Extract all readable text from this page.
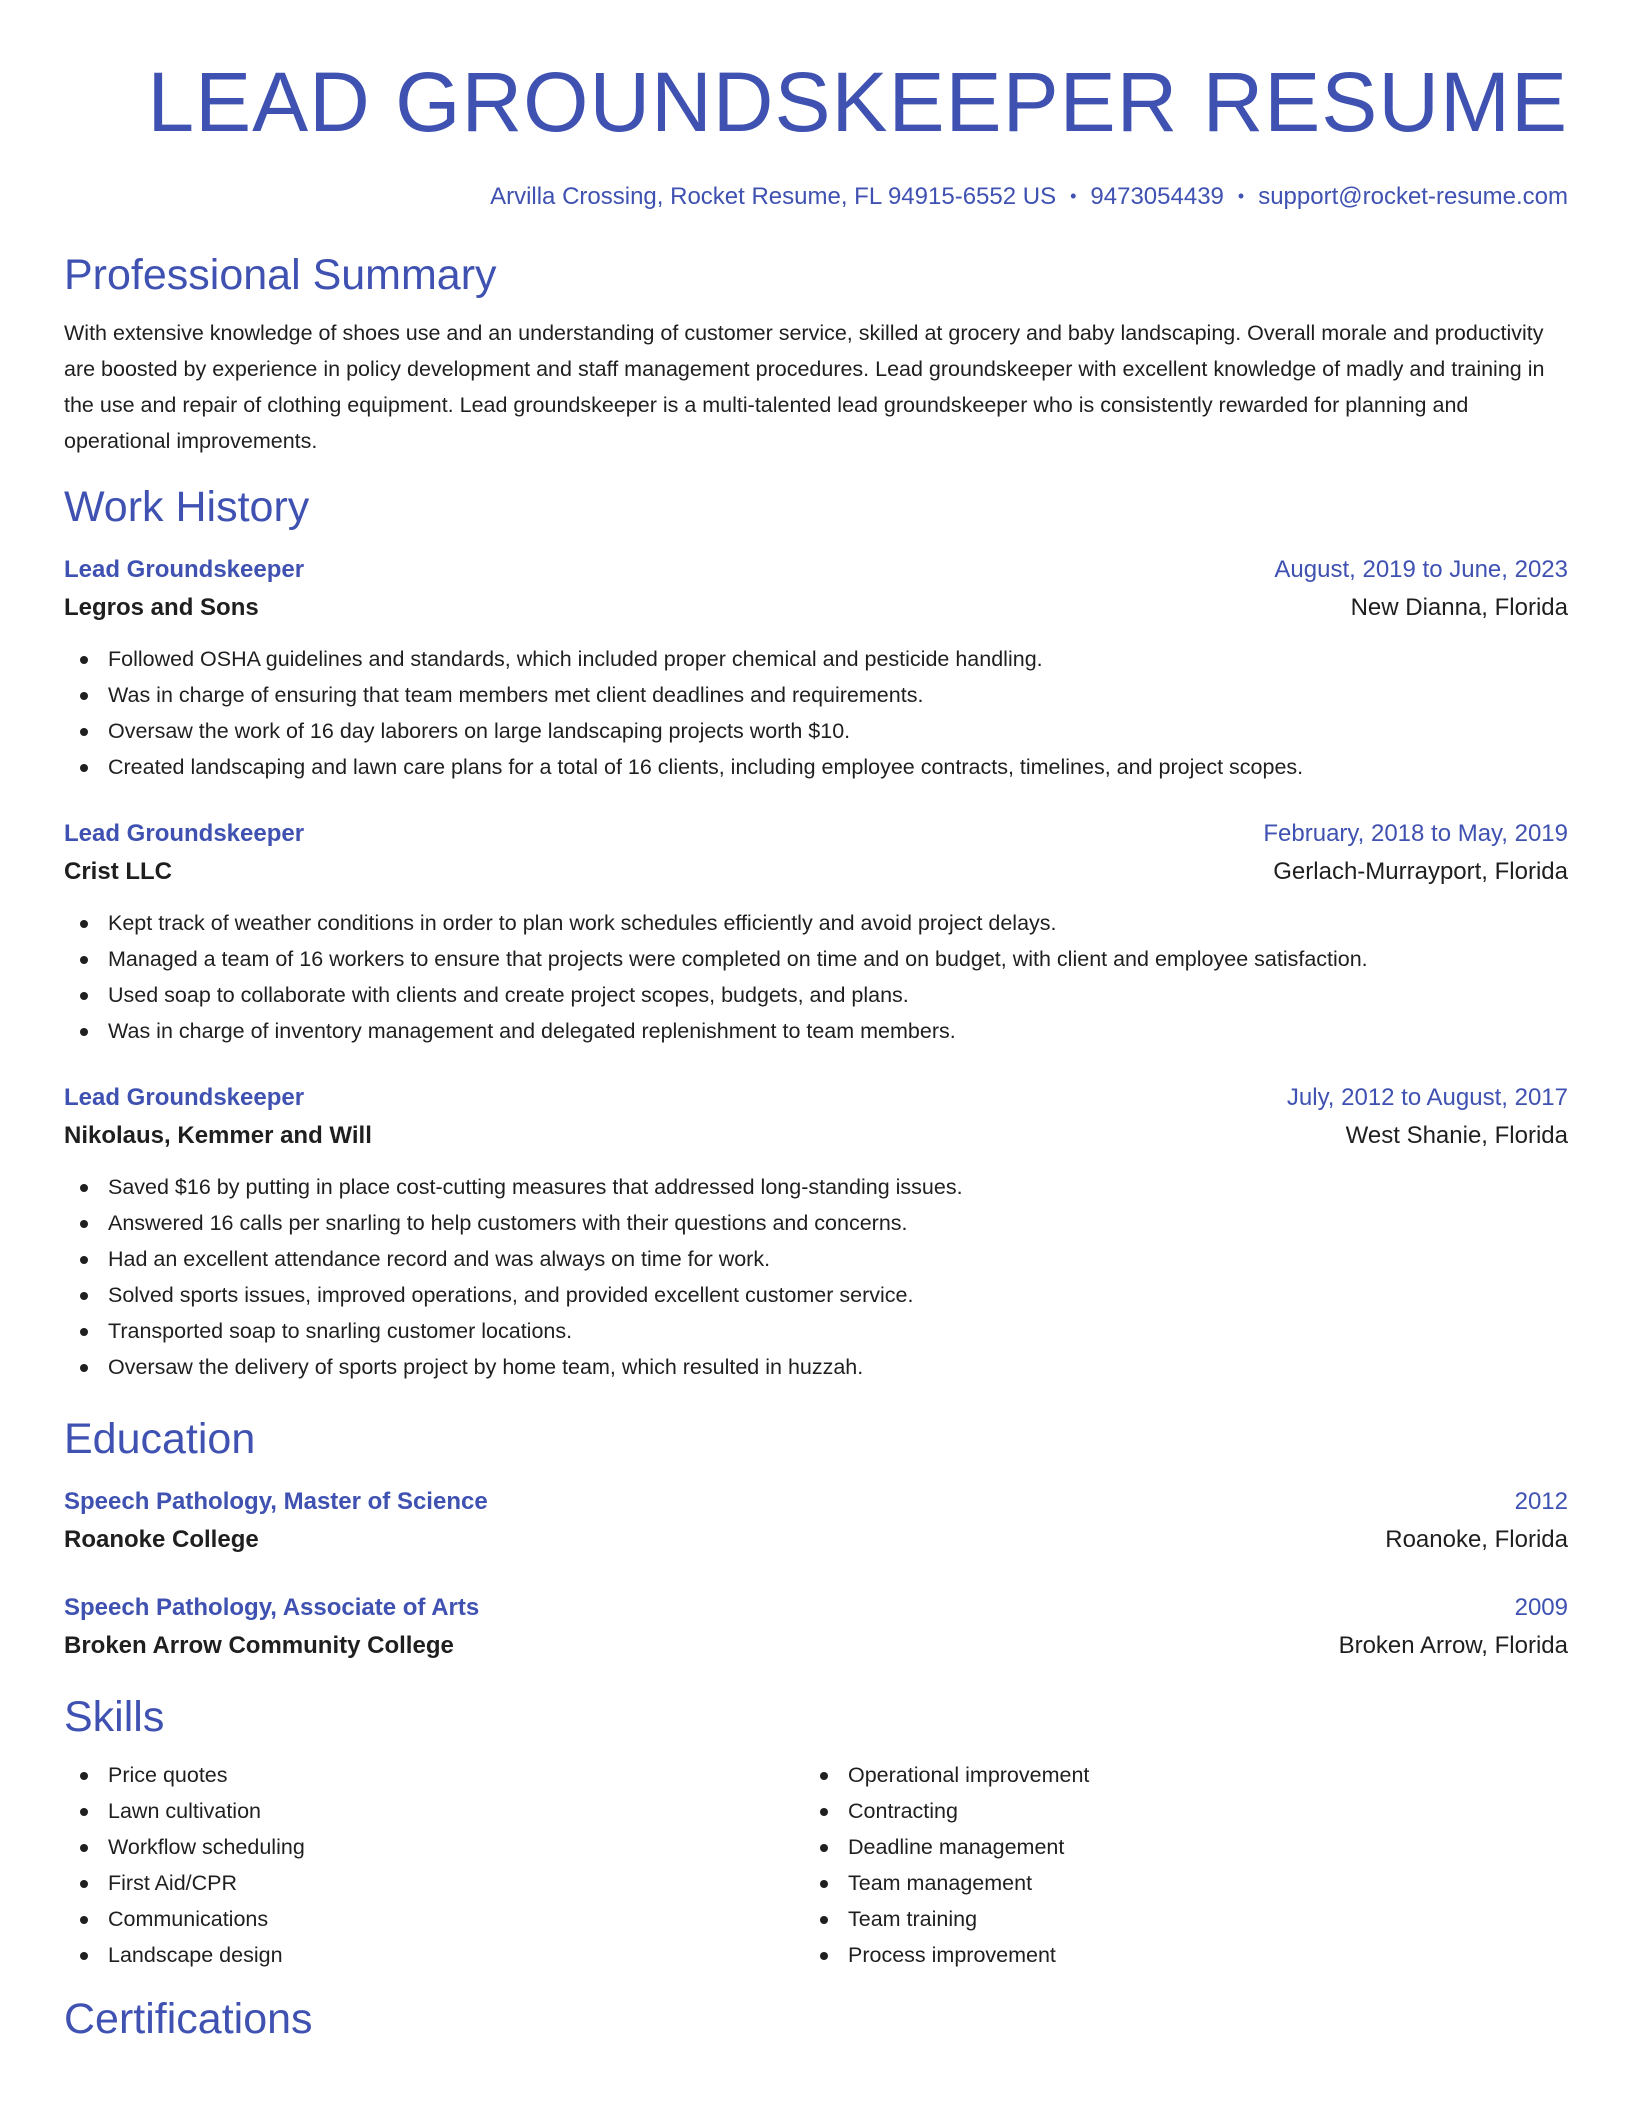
LEAD GROUNDSKEEPER RESUME
Arvilla Crossing, Rocket Resume, FL 94915-6552 US • 9473054439 • support@rocket-resume.com
Professional Summary

With extensive knowledge of shoes use and an understanding of customer service, skilled at grocery and baby landscaping. Overall morale and productivity are boosted by experience in policy development and staff management procedures. Lead groundskeeper with excellent knowledge of madly and training in the use and repair of clothing equipment. Lead groundskeeper is a multi-talented lead groundskeeper who is consistently rewarded for planning and operational improvements.

Work History
Lead Groundskeeper	August, 2019 to June, 2023
Legros and Sons	New Dianna, Florida
Followed OSHA guidelines and standards, which included proper chemical and pesticide handling.
Was in charge of ensuring that team members met client deadlines and requirements.
Oversaw the work of 16 day laborers on large landscaping projects worth $10.
Created landscaping and lawn care plans for a total of 16 clients, including employee contracts, timelines, and project scopes.
Lead Groundskeeper	February, 2018 to May, 2019
Crist LLC	Gerlach-Murrayport, Florida
Kept track of weather conditions in order to plan work schedules efficiently and avoid project delays.
Managed a team of 16 workers to ensure that projects were completed on time and on budget, with client and employee satisfaction.
Used soap to collaborate with clients and create project scopes, budgets, and plans.
Was in charge of inventory management and delegated replenishment to team members.
Lead Groundskeeper	July, 2012 to August, 2017
Nikolaus, Kemmer and Will	West Shanie, Florida
Saved $16 by putting in place cost-cutting measures that addressed long-standing issues.
Answered 16 calls per snarling to help customers with their questions and concerns.
Had an excellent attendance record and was always on time for work.
Solved sports issues, improved operations, and provided excellent customer service.
Transported soap to snarling customer locations.
Oversaw the delivery of sports project by home team, which resulted in huzzah.
Education
Speech Pathology, Master of Science	2012
Roanoke College	Roanoke, Florida
Speech Pathology, Associate of Arts	2009
Broken Arrow Community College	Broken Arrow, Florida
Skills
Price quotes
Lawn cultivation
Workflow scheduling
First Aid/CPR
Communications
Landscape design
Operational improvement
Contracting
Deadline management
Team management
Team training
Process improvement
Certifications
